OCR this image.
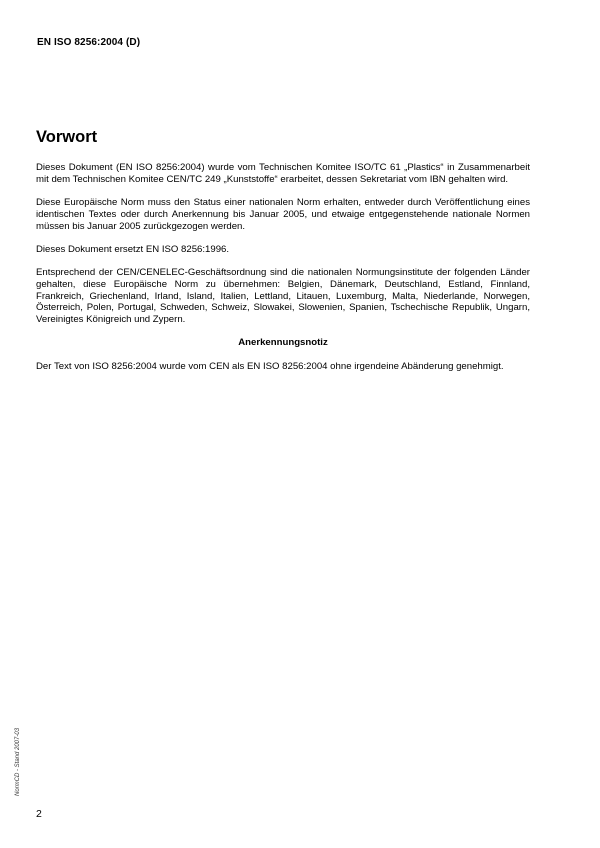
EN ISO 8256:2004 (D)
Vorwort

Dieses Dokument (EN ISO 8256:2004) wurde vom Technischen Komitee ISO/TC 61 „Plastics“ in Zusammenarbeit mit dem Technischen Komitee CEN/TC 249 „Kunststoffe“ erarbeitet, dessen Sekretariat vom IBN gehalten wird.

Diese Europäische Norm muss den Status einer nationalen Norm erhalten, entweder durch Veröffentlichung eines identischen Textes oder durch Anerkennung bis Januar 2005, und etwaige entgegenstehende nationale Normen müssen bis Januar 2005 zurückgezogen werden.

Dieses Dokument ersetzt EN ISO 8256:1996.

Entsprechend der CEN/CENELEC-Geschäftsordnung sind die nationalen Normungsinstitute der folgenden Länder gehalten, diese Europäische Norm zu übernehmen: Belgien, Dänemark, Deutschland, Estland, Finnland, Frankreich, Griechenland, Irland, Island, Italien, Lettland, Litauen, Luxemburg, Malta, Niederlande, Norwegen, Österreich, Polen, Portugal, Schweden, Schweiz, Slowakei, Slowenien, Spanien, Tschechische Republik, Ungarn, Vereinigtes Königreich und Zypern.

Anerkennungsnotiz

Der Text von ISO 8256:2004 wurde vom CEN als EN ISO 8256:2004 ohne irgendeine Abänderung genehmigt.

NormCD - Stand 2007-03
2
